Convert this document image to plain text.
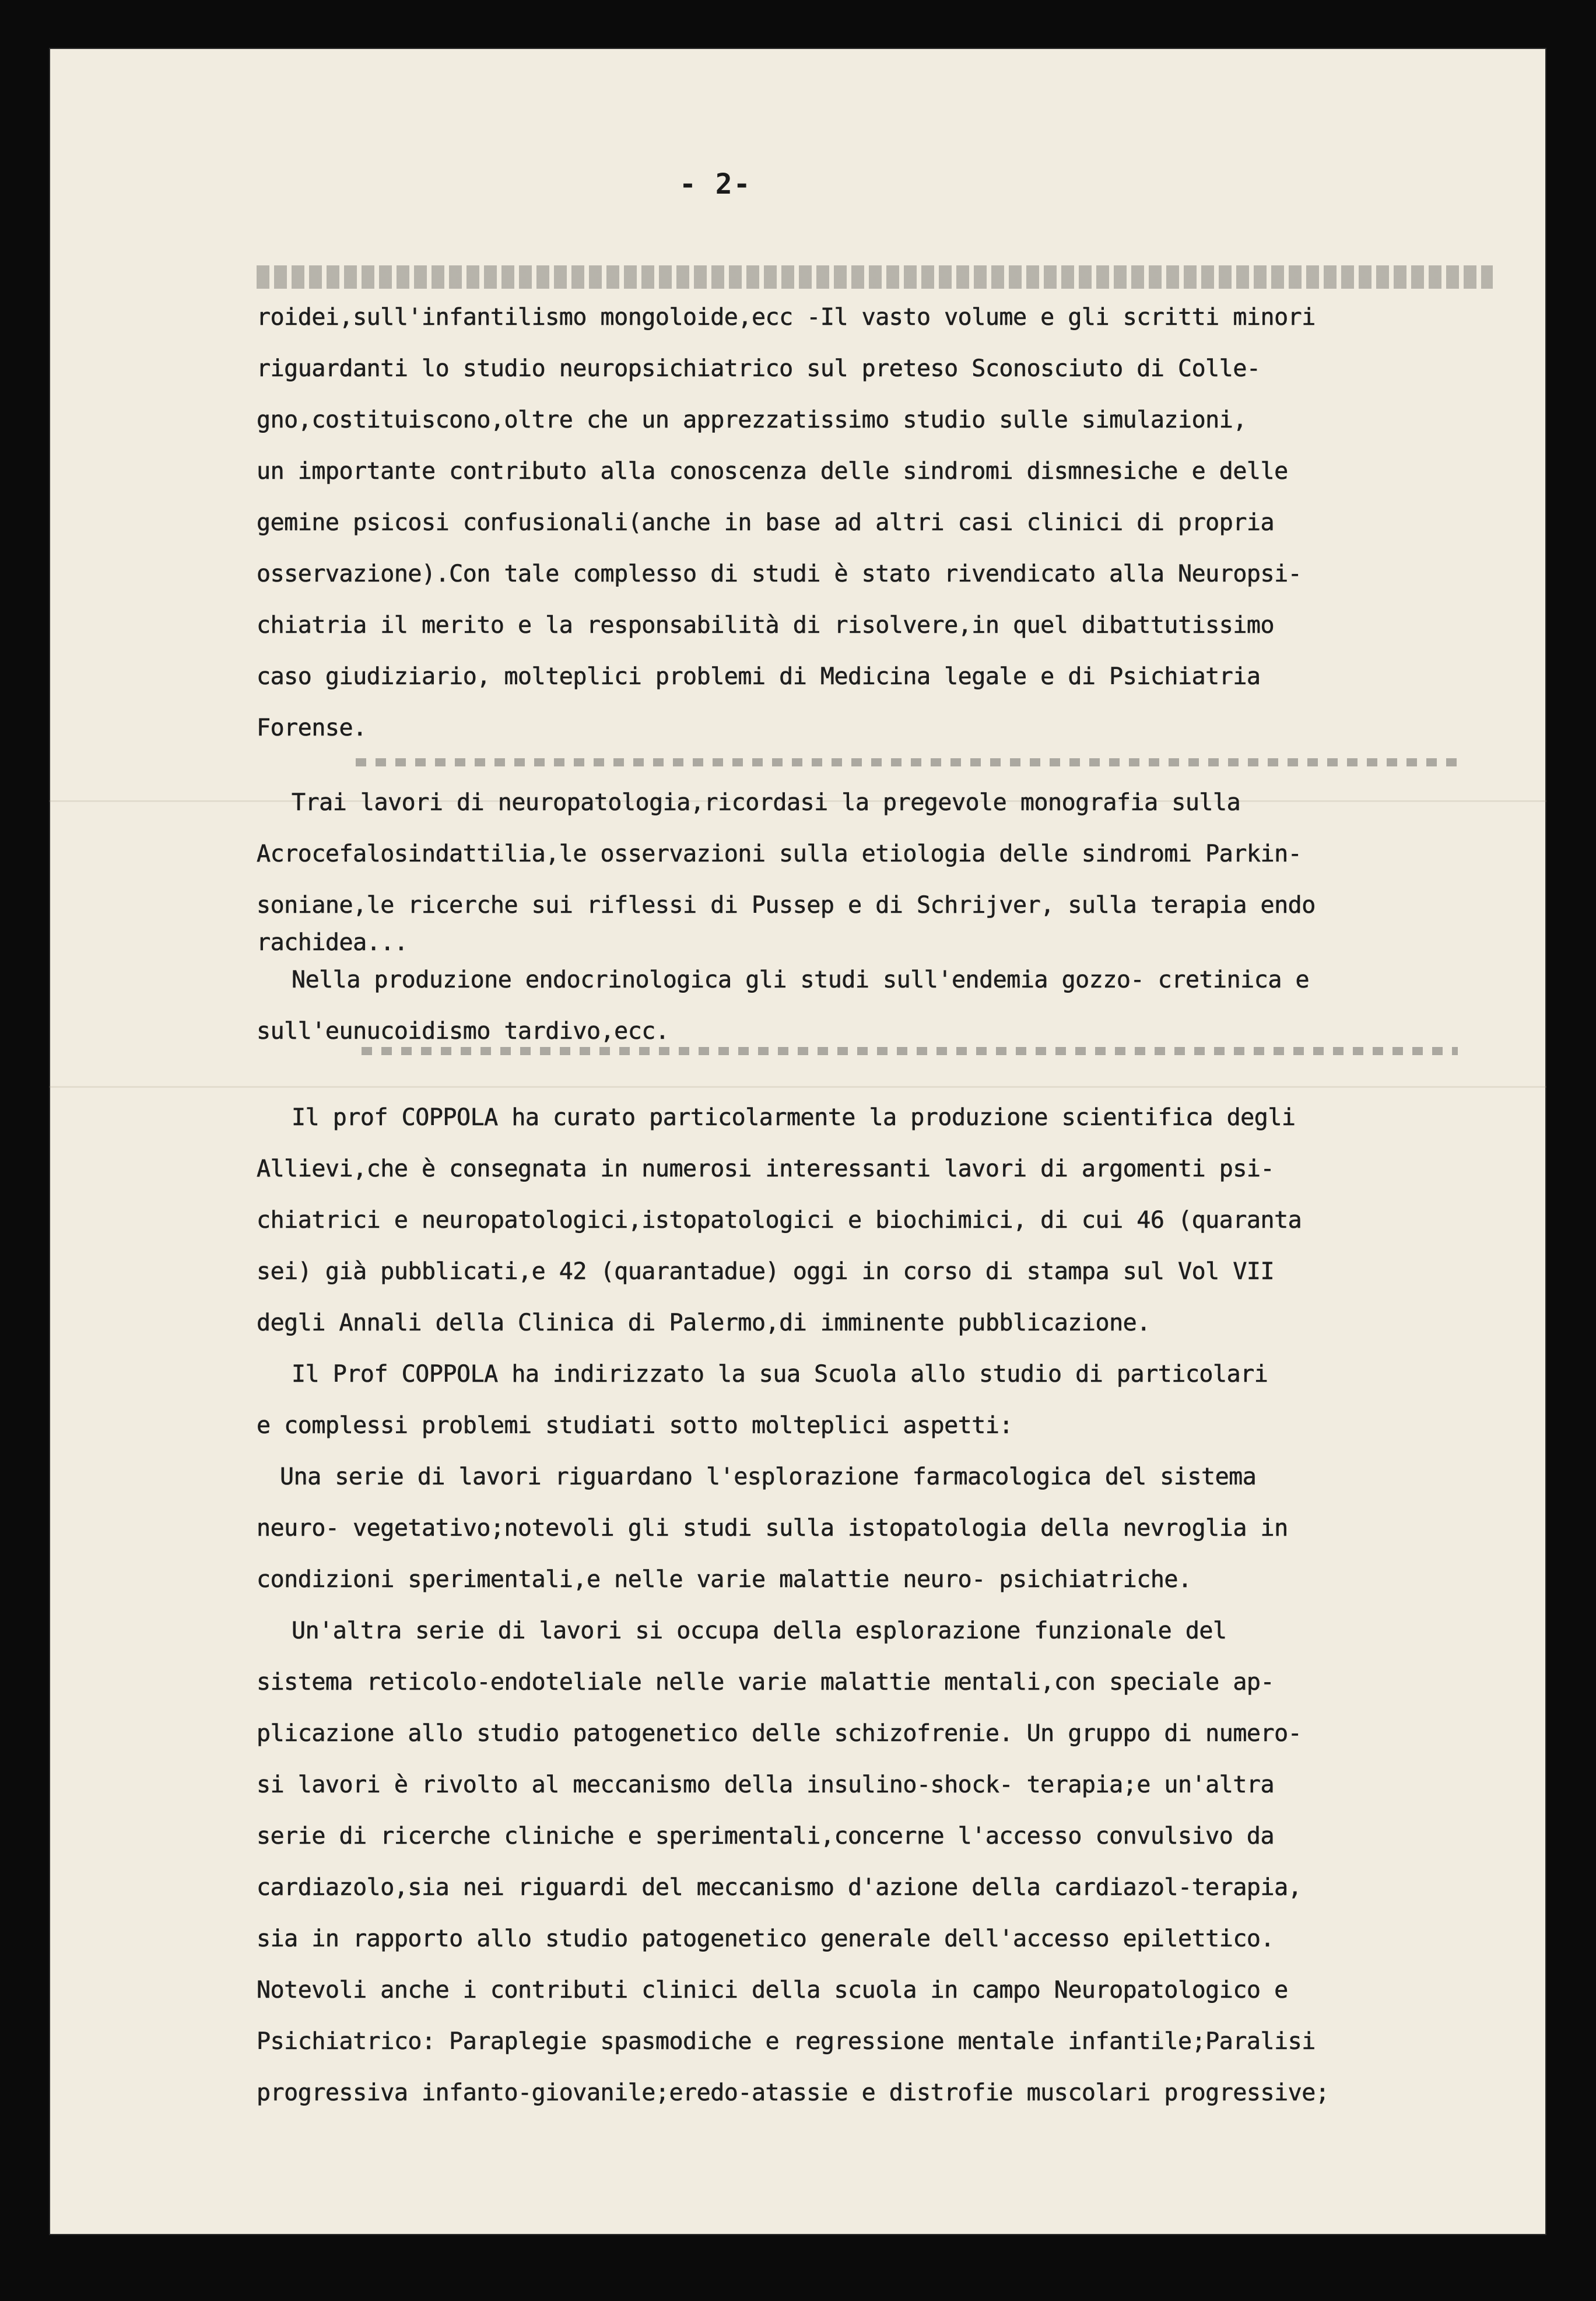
- 2-
roidei,sull'infantilismo mongoloide,ecc -Il vasto volume e gli scritti minori
riguardanti lo studio neuropsichiatrico sul preteso Sconosciuto di Colle-
gno,costituiscono,oltre che un apprezzatissimo studio sulle simulazioni,
un importante contributo alla conoscenza delle sindromi dismnesiche e delle
gemine psicosi confusionali(anche in base ad altri casi clinici di propria
osservazione).Con tale complesso di studi è stato rivendicato alla Neuropsi-
chiatria il merito e la responsabilità di risolvere,in quel dibattutissimo
caso giudiziario, molteplici problemi di Medicina legale e di Psichiatria
Forense.
Trai lavori di neuropatologia,ricordasi la pregevole monografia sulla
Acrocefalosindattilia,le osservazioni sulla etiologia delle sindromi Parkin-
soniane,le ricerche sui riflessi di Pussep e di Schrijver, sulla terapia endo
rachidea...
Nella produzione endocrinologica gli studi sull'endemia gozzo- cretinica e
sull'eunucoidismo tardivo,ecc.
Il prof COPPOLA ha curato particolarmente la produzione scientifica degli
Allievi,che è consegnata in numerosi interessanti lavori di argomenti psi-
chiatrici e neuropatologici,istopatologici e biochimici, di cui 46 (quaranta
sei) già pubblicati,e 42 (quarantadue) oggi in corso di stampa sul Vol VII
degli Annali della Clinica di Palermo,di imminente pubblicazione.
Il Prof COPPOLA ha indirizzato la sua Scuola allo studio di particolari
e complessi problemi studiati sotto molteplici aspetti:
Una serie di lavori riguardano l'esplorazione farmacologica del sistema
neuro- vegetativo;notevoli gli studi sulla istopatologia della nevroglia in
condizioni sperimentali,e nelle varie malattie neuro- psichiatriche.
Un'altra serie di lavori si occupa della esplorazione funzionale del
sistema reticolo-endoteliale nelle varie malattie mentali,con speciale ap-
plicazione allo studio patogenetico delle schizofrenie. Un gruppo di numero-
si lavori è rivolto al meccanismo della insulino-shock- terapia;e un'altra
serie di ricerche cliniche e sperimentali,concerne l'accesso convulsivo da
cardiazolo,sia nei riguardi del meccanismo d'azione della cardiazol-terapia,
sia in rapporto allo studio patogenetico generale dell'accesso epilettico.
Notevoli anche i contributi clinici della scuola in campo Neuropatologico e
Psichiatrico: Paraplegie spasmodiche e regressione mentale infantile;Paralisi
progressiva infanto-giovanile;eredo-atassie e distrofie muscolari progressive;
